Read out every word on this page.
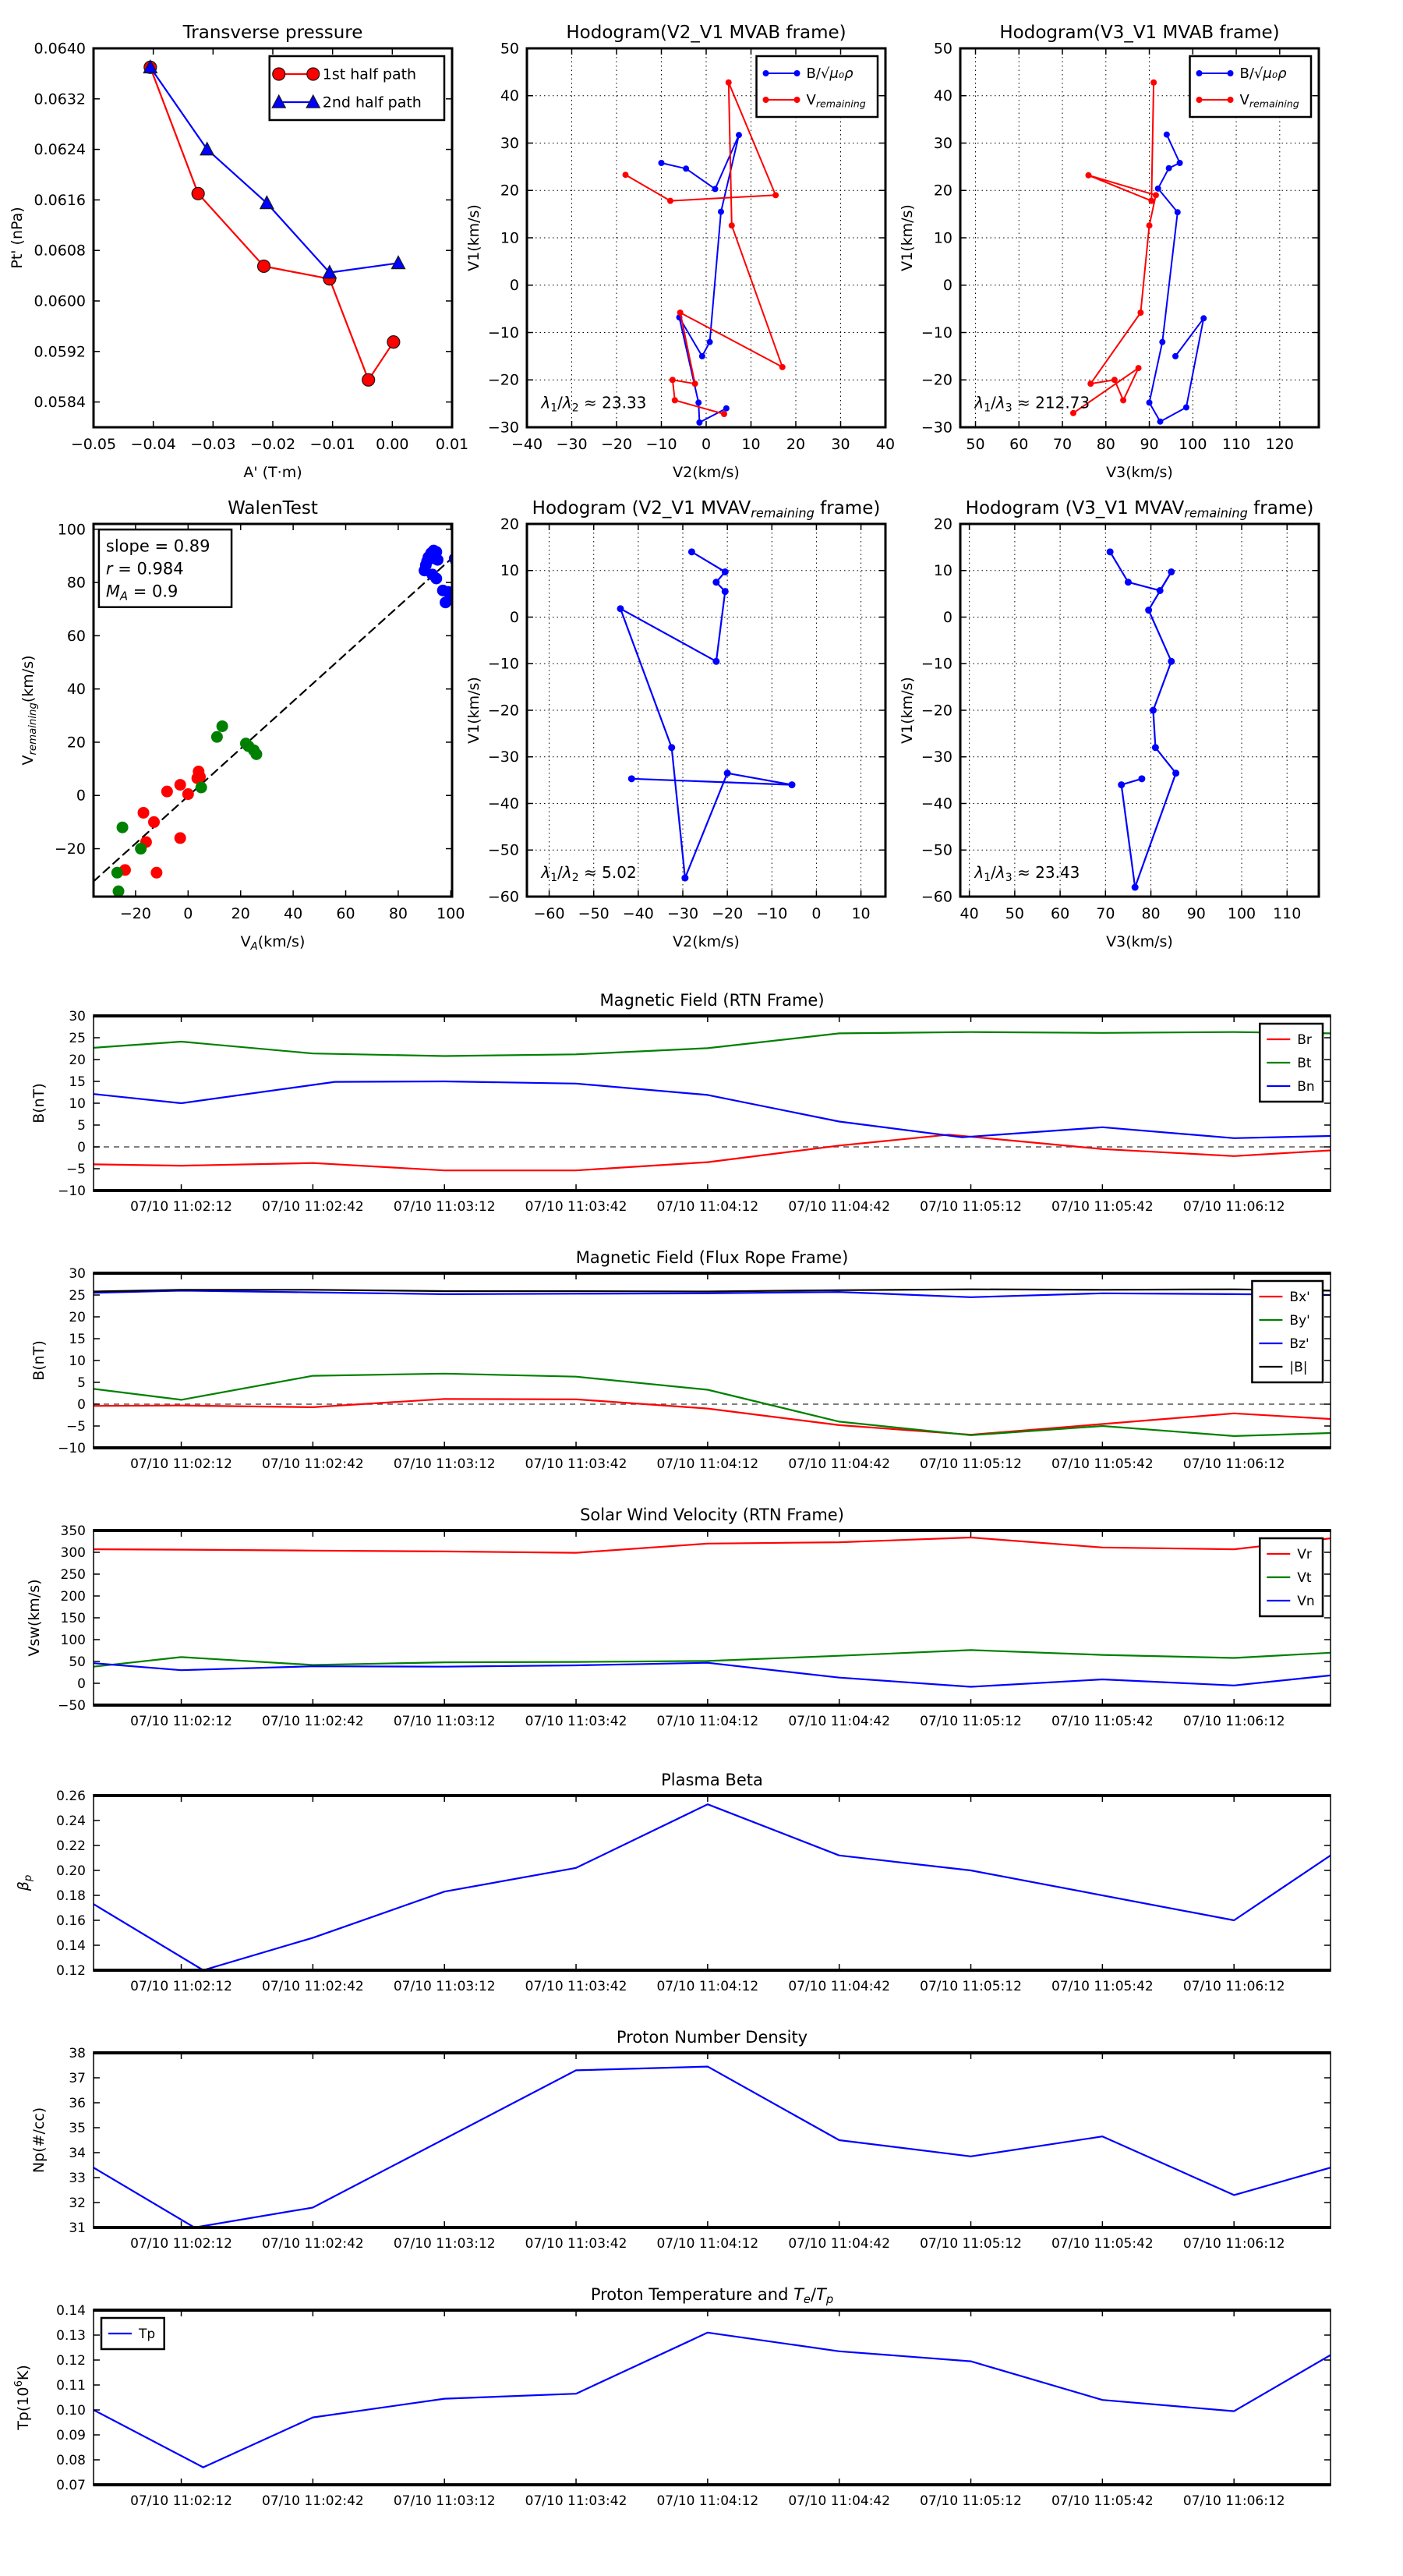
−0.05 −0.04 −0.03 −0.02 −0.01 0.00 0.01
0.0584
0.0592
0.0600
0.0608
0.0616
0.0624
0.0632
0.0640
Transverse pressure
A' (T·m)
Pt' (nPa)
1st half path
2nd half path
−40 −30 −20 −10 0 10 20 30 40
−30
−20
−10
0
10
20
30
40
50
Hodogram(V2_V1 MVAB frame)
V2(km/s)
V1(km/s)
$\lambda_1/\lambda_2 \approx 23.33$
B/√μ₀ρ
$V_{remaining}$
50 60 70 80 90 100 110 120
−30
−20
−10
0
10
20
30
40
50
Hodogram(V3_V1 MVAB frame)
V3(km/s)
V1(km/s)
$\lambda_1/\lambda_3 \approx 212.73$
B/√μ₀ρ
$V_{remaining}$
−20 0	20 40 60 80 100
−20
0
20
40
60
80
100
WalenTest
$V_A(km/s)$
$V_{remaining}(km/s)$
slope = 0.89
r = 0.984
$M_A = 0.9$
−60 −50 −40 −30 −20 −10 0 10
−60
−50
−40
−30
−20
−10
0
10
20
Hodogram (V2_V1 $MVAV_{remaining}$ frame)
V2(km/s)
V1(km/s)
$\lambda_1/\lambda_2 \approx 5.02$
40 50 60 70 80 90 100 110
−60
−50
−40
−30
−20
−10
0
10
20
Hodogram (V3_V1 $MVAV_{remaining}$ frame)
V3(km/s)
V1(km/s)
$\lambda_1/\lambda_3 \approx 23.43$
07/10 11:02:12 07/10 11:02:42 07/10 11:03:12 07/10 11:03:42 07/10 11:04:12 07/10 11:04:42 07/10 11:05:12 07/10 11:05:42 07/10 11:06:12
−10
−5
0
5
10
15
20
25
30
Magnetic Field (RTN Frame)
B(nT)
Br
Bt
Bn
07/10 11:02:12 07/10 11:02:42 07/10 11:03:12 07/10 11:03:42 07/10 11:04:12 07/10 11:04:42 07/10 11:05:12 07/10 11:05:42 07/10 11:06:12
−10
−5
0
5
10
15
20
25
30
Magnetic Field (Flux Rope Frame)
B(nT)
Bx'
By'
Bz'
|B|
07/10 11:02:12 07/10 11:02:42 07/10 11:03:12 07/10 11:03:42 07/10 11:04:12 07/10 11:04:42 07/10 11:05:12 07/10 11:05:42 07/10 11:06:12
−50
0
50
100
150
200
250
300
350
Solar Wind Velocity (RTN Frame)
Vsw(km/s)
Vr
Vt
Vn
07/10 11:02:12 07/10 11:02:42 07/10 11:03:12 07/10 11:03:42 07/10 11:04:12 07/10 11:04:42 07/10 11:05:12 07/10 11:05:42 07/10 11:06:12
0.12
0.14
0.16
0.18
0.20
0.22
0.24
0.26
Plasma Beta
$\beta_p$
07/10 11:02:12 07/10 11:02:42 07/10 11:03:12 07/10 11:03:42 07/10 11:04:12 07/10 11:04:42 07/10 11:05:12 07/10 11:05:42 07/10 11:06:12
31
32
33
34
35
36
37
38
Proton Number Density
Np(#/cc)
07/10 11:02:12 07/10 11:02:42 07/10 11:03:12 07/10 11:03:42 07/10 11:04:12 07/10 11:04:42 07/10 11:05:12 07/10 11:05:42 07/10 11:06:12
0.07
0.08
0.09
0.10
0.11
0.12
0.13
0.14
Proton Temperature and $T_e/T_p$
$Tp(10^6K)$
Tp
